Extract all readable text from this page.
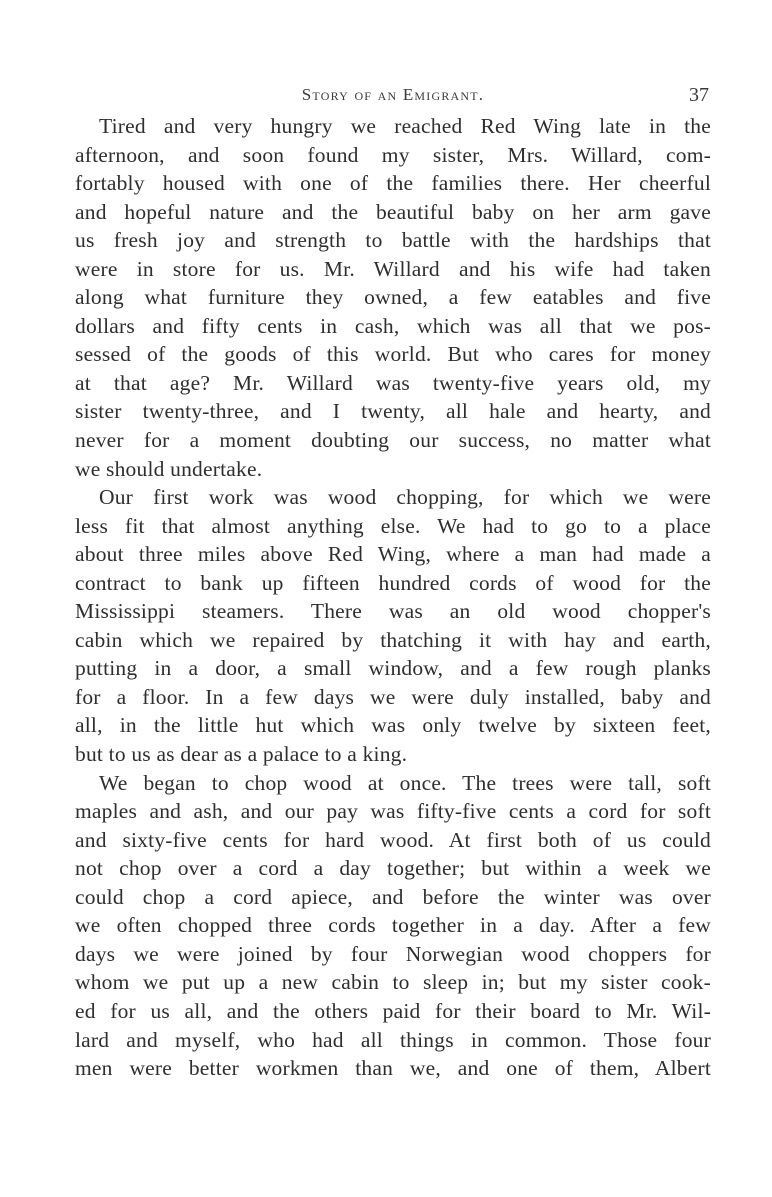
Story of an Emigrant.	37
Tired and very hungry we reached Red Wing late in the
afternoon, and soon found my sister, Mrs. Willard, com-
fortably housed with one of the families there. Her cheerful
and hopeful nature and the beautiful baby on her arm gave
us fresh joy and strength to battle with the hardships that
were in store for us. Mr. Willard and his wife had taken
along what furniture they owned, a few eatables and five
dollars and fifty cents in cash, which was all that we pos-
sessed of the goods of this world. But who cares for money
at that age? Mr. Willard was twenty-five years old, my
sister twenty-three, and I twenty, all hale and hearty, and
never for a moment doubting our success, no matter what
we should undertake.
Our first work was wood chopping, for which we were
less fit that almost anything else. We had to go to a place
about three miles above Red Wing, where a man had made a
contract to bank up fifteen hundred cords of wood for the
Mississippi steamers. There was an old wood chopper's
cabin which we repaired by thatching it with hay and earth,
putting in a door, a small window, and a few rough planks
for a floor. In a few days we were duly installed, baby and
all, in the little hut which was only twelve by sixteen feet,
but to us as dear as a palace to a king.
We began to chop wood at once. The trees were tall, soft
maples and ash, and our pay was fifty-five cents a cord for soft
and sixty-five cents for hard wood. At first both of us could
not chop over a cord a day together; but within a week we
could chop a cord apiece, and before the winter was over
we often chopped three cords together in a day. After a few
days we were joined by four Norwegian wood choppers for
whom we put up a new cabin to sleep in; but my sister cook-
ed for us all, and the others paid for their board to Mr. Wil-
lard and myself, who had all things in common. Those four
men were better workmen than we, and one of them, Albert
